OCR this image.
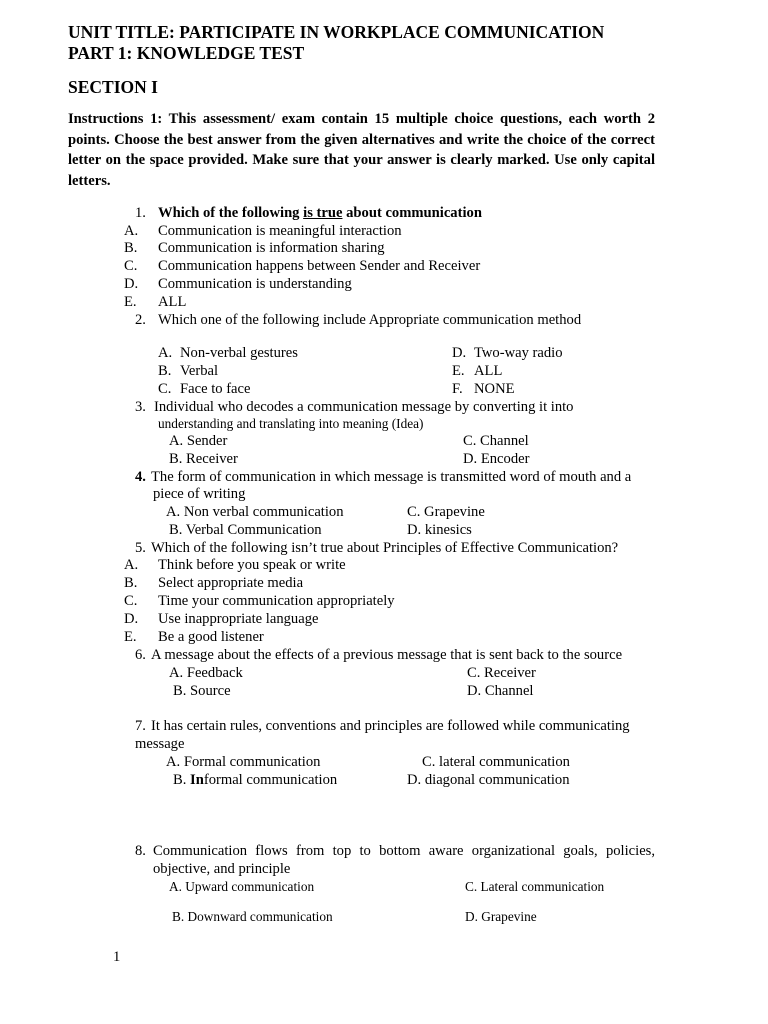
UNIT TITLE: PARTICIPATE IN WORKPLACE COMMUNICATION
PART 1: KNOWLEDGE TEST
SECTION I
Instructions 1: This assessment/ exam contain 15 multiple choice questions, each worth 2 points. Choose the best answer from the given alternatives and write the choice of the correct letter on the space provided. Make sure that your answer is clearly marked. Use only capital letters.
1. Which of the following is true about communication
A. Communication is meaningful interaction
B. Communication is information sharing
C. Communication happens between Sender and Receiver
D. Communication is understanding
E. ALL
2. Which one of the following include Appropriate communication method
A. Non-verbal gestures
B. Verbal
C. Face to face
D. Two-way radio
E. ALL
F. NONE
3. Individual who decodes a communication message by converting it into
understanding and translating into meaning (Idea)
A. Sender
B. Receiver
C. Channel
D. Encoder
4. The form of communication in which message is transmitted word of mouth and a
piece of writing
A. Non verbal communication
B. Verbal Communication
C. Grapevine
D. kinesics
5. Which of the following isn’t true about Principles of Effective Communication?
A. Think before you speak or write
B. Select appropriate media
C. Time your communication appropriately
D. Use inappropriate language
E. Be a good listener
6. A message about the effects of a previous message that is sent back to the source
A. Feedback
B. Source
C. Receiver
D. Channel
7. It has certain rules, conventions and principles are followed while communicating
message
A. Formal communication
B. Informal communication
C. lateral communication
D. diagonal communication
8. Communication flows from top to bottom aware organizational goals, policies, objective, and principle
A. Upward communication
B. Downward communication
C. Lateral communication
D. Grapevine
1
